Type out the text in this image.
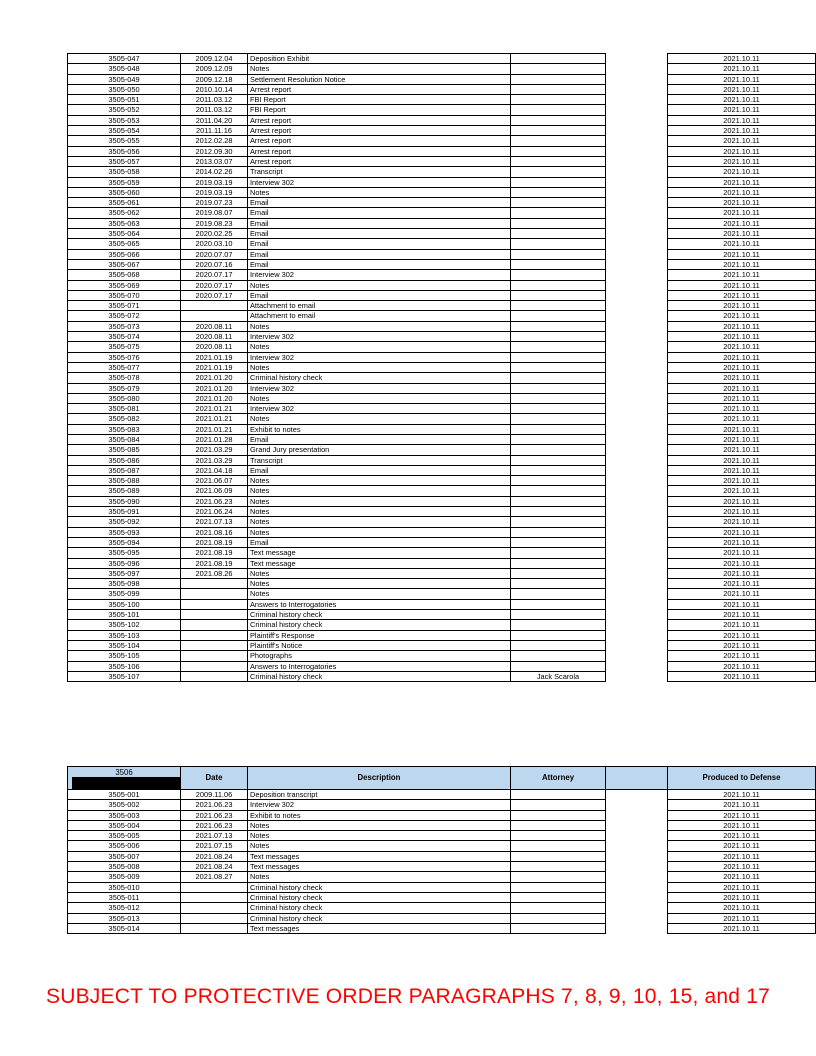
3505-047	2009.12.04	Deposition Exhibit			2021.10.11
3505-048	2009.12.09	Notes			2021.10.11
3505-049	2009.12.18	Settlement Resolution Notice			2021.10.11
3505-050	2010.10.14	Arrest report			2021.10.11
3505-051	2011.03.12	FBI Report			2021.10.11
3505-052	2011.03.12	FBI Report			2021.10.11
3505-053	2011.04.20	Arrest report			2021.10.11
3505-054	2011.11.16	Arrest report			2021.10.11
3505-055	2012.02.28	Arrest report			2021.10.11
3505-056	2012.09.30	Arrest report			2021.10.11
3505-057	2013.03.07	Arrest report			2021.10.11
3505-058	2014.02.26	Transcript			2021.10.11
3505-059	2019.03.19	Interview 302			2021.10.11
3505-060	2019.03.19	Notes			2021.10.11
3505-061	2019.07.23	Email			2021.10.11
3505-062	2019.08.07	Email			2021.10.11
3505-063	2019.08.23	Email			2021.10.11
3505-064	2020.02.25	Email			2021.10.11
3505-065	2020.03.10	Email			2021.10.11
3505-066	2020.07.07	Email			2021.10.11
3505-067	2020.07.16	Email			2021.10.11
3505-068	2020.07.17	Interview 302			2021.10.11
3505-069	2020.07.17	Notes			2021.10.11
3505-070	2020.07.17	Email			2021.10.11
3505-071		Attachment to email			2021.10.11
3505-072		Attachment to email			2021.10.11
3505-073	2020.08.11	Notes			2021.10.11
3505-074	2020.08.11	Interview 302			2021.10.11
3505-075	2020.08.11	Notes			2021.10.11
3505-076	2021.01.19	Interview 302			2021.10.11
3505-077	2021.01.19	Notes			2021.10.11
3505-078	2021.01.20	Criminal history check			2021.10.11
3505-079	2021.01.20	Interview 302			2021.10.11
3505-080	2021.01.20	Notes			2021.10.11
3505-081	2021.01.21	Interview 302			2021.10.11
3505-082	2021.01.21	Notes			2021.10.11
3505-083	2021.01.21	Exhibit to notes			2021.10.11
3505-084	2021.01.28	Email			2021.10.11
3505-085	2021.03.29	Grand Jury presentation			2021.10.11
3505-086	2021.03.29	Transcript			2021.10.11
3505-087	2021.04.18	Email			2021.10.11
3505-088	2021.06.07	Notes			2021.10.11
3505-089	2021.06.09	Notes			2021.10.11
3505-090	2021.06.23	Notes			2021.10.11
3505-091	2021.06.24	Notes			2021.10.11
3505-092	2021.07.13	Notes			2021.10.11
3505-093	2021.08.16	Notes			2021.10.11
3505-094	2021.08.19	Email			2021.10.11
3505-095	2021.08.19	Text message			2021.10.11
3505-096	2021.08.19	Text message			2021.10.11
3505-097	2021.08.26	Notes			2021.10.11
3505-098		Notes			2021.10.11
3505-099		Notes			2021.10.11
3505-100		Answers to Interrogatories			2021.10.11
3505-101		Criminal history check			2021.10.11
3505-102		Criminal history check			2021.10.11
3505-103		Plaintiff's Response			2021.10.11
3505-104		Plaintiff's Notice			2021.10.11
3505-105		Photographs			2021.10.11
3505-106		Answers to Interrogatories			2021.10.11
3505-107		Criminal history check	Jack Scarola		2021.10.11
3506	Date	Description	Attorney		Produced to Defense
3505-001	2009.11.06	Deposition transcript			2021.10.11
3505-002	2021.06.23	Interview 302			2021.10.11
3505-003	2021.06.23	Exhibit to notes			2021.10.11
3505-004	2021.06.23	Notes			2021.10.11
3505-005	2021.07.13	Notes			2021.10.11
3505-006	2021.07.15	Notes			2021.10.11
3505-007	2021.08.24	Text messages			2021.10.11
3505-008	2021.08.24	Text messages			2021.10.11
3505-009	2021.08.27	Notes			2021.10.11
3505-010		Criminal history check			2021.10.11
3505-011		Criminal history check			2021.10.11
3505-012		Criminal history check			2021.10.11
3505-013		Criminal history check			2021.10.11
3505-014		Text messages			2021.10.11
SUBJECT TO PROTECTIVE ORDER PARAGRAPHS 7, 8, 9, 10, 15, and 17
